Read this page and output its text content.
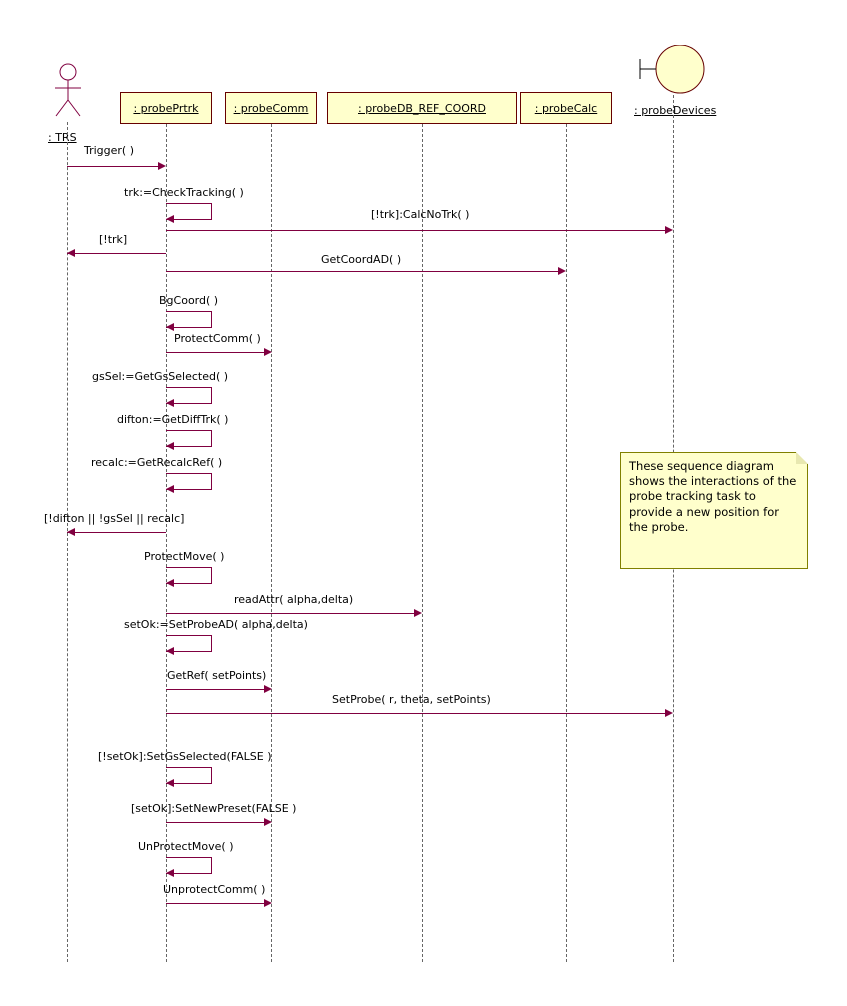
: TRS
: probeDevices
: probePrtrk	: probeComm	: probeDB_REF_COORD	: probeCalc
Trigger( )
trk:=CheckTracking( )
[!trk]:CalcNoTrk( )
[!trk]
GetCoordAD( )
BgCoord( )
ProtectComm( )
gsSel:=GetGsSelected( )
difton:=GetDiffTrk( )
recalc:=GetRecalcRef( )
[!difton || !gsSel || recalc]
ProtectMove( )
readAttr( alpha,delta)
setOk:=SetProbeAD( alpha,delta)
GetRef( setPoints)
SetProbe( r, theta, setPoints)
[!setOk]:SetGsSelected(FALSE )
[setOk]:SetNewPreset(FALSE )
UnProtectMove( )
UnprotectComm( )
These sequence diagram shows the interactions of the probe tracking task to provide a new position for the probe.
